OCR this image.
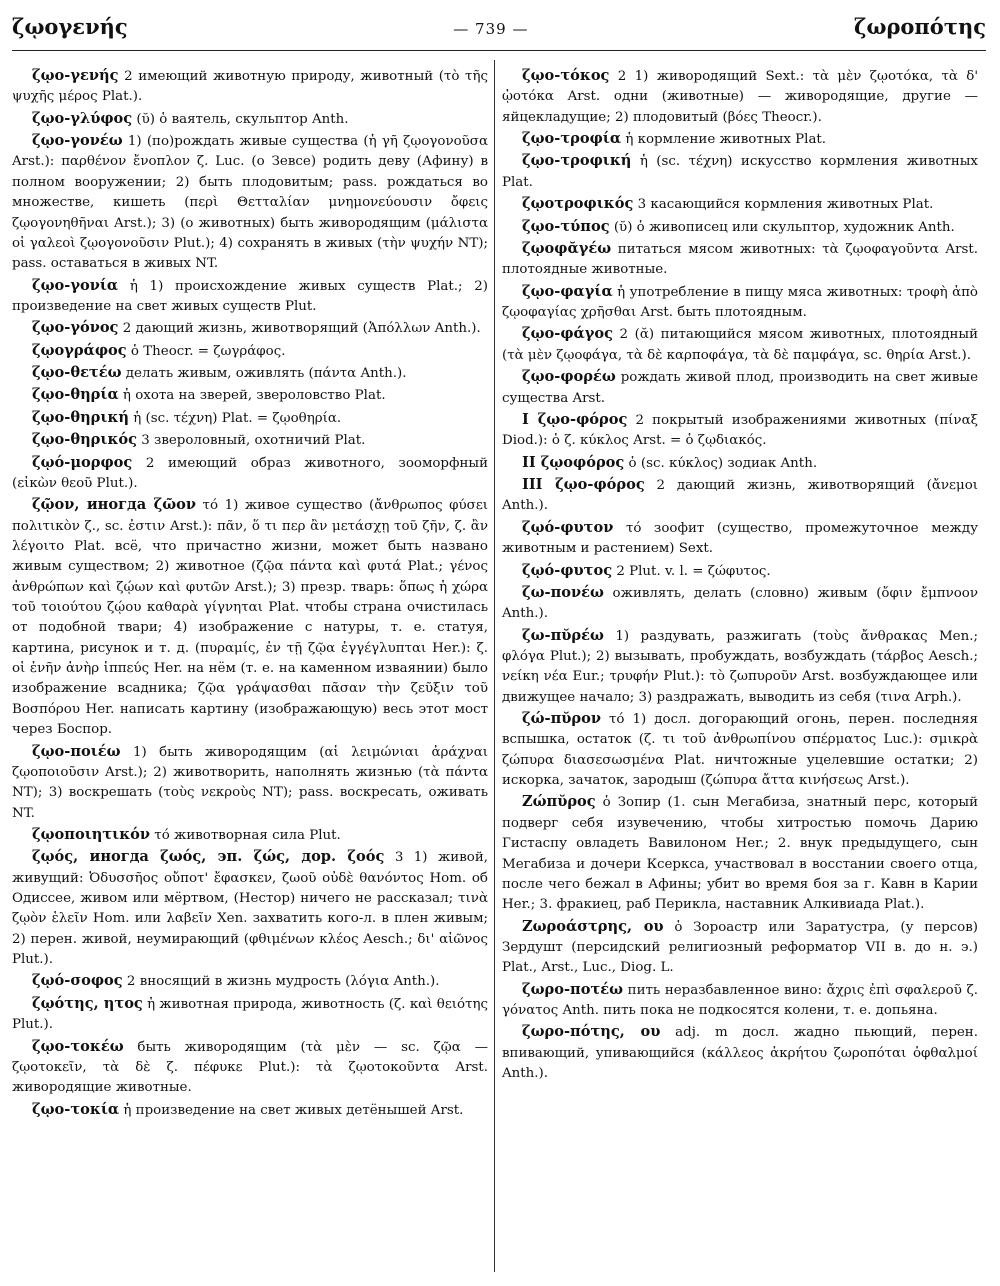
ζῳογενής	— 739 —	ζωροπότης

ζῳο-γενής 2 имеющий животную природу, животный (τὸ τῆς ψυχῆς μέρος Plat.).

ζῳο-γλύφος (ῠ) ὁ ваятель, скульптор Anth.

ζῳο-γονέω 1) (по)рождать живые существа (ἡ γῆ ζῳογονοῦσα Arst.): παρθένον ἔνοπλον ζ. Luc. (о Зевсе) родить деву (Афину) в полном вооружении; 2) быть плодовитым; pass. рождаться во множестве, кишеть (περὶ Θετταλίαν μνημονεύουσιν ὄφεις ζῳογονηθῆναι Arst.); 3) (о животных) быть живородящим (μάλιστα οἱ γαλεοὶ ζῳογονοῦσιν Plut.); 4) сохранять в живых (τὴν ψυχήν NT); pass. оставаться в живых NT.

ζῳο-γονία ἡ 1) происхождение живых существ Plat.; 2) произведение на свет живых существ Plut.

ζῳο-γόνος 2 дающий жизнь, животворящий (Ἀπόλλων Anth.).

ζῳογράφος ὁ Theocr. = ζωγράφος.

ζῳο-θετέω делать живым, оживлять (πάντα Anth.).

ζῳο-θηρία ἡ охота на зверей, звероловство Plat.

ζῳο-θηρική ἡ (sc. τέχνη) Plat. = ζῳοθηρία.

ζῳο-θηρικός 3 звероловный, охотничий Plat.

ζῳό-μορφος 2 имеющий образ животного, зооморфный (εἰκὼν θεοῦ Plut.).

ζῷον, иногда ζῶον τό 1) живое существо (ἄνθρωπος φύσει πολιτικὸν ζ., sc. ἐστιν Arst.): πᾶν, ὅ τι περ ἂν μετάσχῃ τοῦ ζῆν, ζ. ἂν λέγοιτο Plat. всё, что причастно жизни, может быть названо живым существом; 2) животное (ζῷα πάντα καὶ φυτά Plat.; γένος ἀνθρώπων καὶ ζῴων καὶ φυτῶν Arst.); 3) презр. тварь: ὅπως ἡ χώρα τοῦ τοιούτου ζῴου καθαρὰ γίγνηται Plat. чтобы страна очистилась от подобной твари; 4) изображение с натуры, т. е. статуя, картина, рисунок и т. д. (πυραμίς, ἐν τῇ ζῷα ἐγγέγλυπται Her.): ζ. οἱ ἐνῆν ἀνὴρ ἱππεύς Her. на нём (т. е. на каменном изваянии) было изображение всадника; ζῷα γράψασθαι πᾶσαν τὴν ζεῦξιν τοῦ Βοσπόρου Her. написать картину (изображающую) весь этот мост через Боспор.

ζῳο-ποιέω 1) быть живородящим (αἱ λειμώνιαι ἀράχναι ζῳοποιοῦσιν Arst.); 2) животворить, наполнять жизнью (τὰ πάντα NT); 3) воскрешать (τοὺς νεκροὺς NT); pass. воскресать, оживать NT.

ζῳοποιητικόν τό животворная сила Plut.

ζῳός, иногда ζωός, эп. ζώς, дор. ζοός 3 1) живой, живущий: Ὀδυσσῆος οὔποτ' ἔφασκεν, ζωοῦ οὐδὲ θανόντος Hom. об Одиссее, живом или мёртвом, (Нестор) ничего не рассказал; τινὰ ζῳὸν ἑλεῖν Hom. или λαβεῖν Xen. захватить кого-л. в плен живым; 2) перен. живой, неумирающий (φθιμένων κλέος Aesch.; δι' αἰῶνος Plut.).

ζῳό-σοφος 2 вносящий в жизнь мудрость (λόγια Anth.).

ζῳότης, ητος ἡ животная природа, животность (ζ. καὶ θειότης Plut.).

ζῳο-τοκέω быть живородящим (τὰ μὲν — sc. ζῷα — ζῳοτοκεῖν, τὰ δὲ ζ. πέφυκε Plut.): τὰ ζῳοτοκοῦντα Arst. живородящие животные.

ζῳο-τοκία ἡ произведение на свет живых детёнышей Arst.

ζῳο-τόκος 2 1) живородящий Sext.: τὰ μὲν ζῳοτόκα, τὰ δ' ᾠοτόκα Arst. одни (животные) — живородящие, другие — яйцекладущие; 2) плодовитый (βόες Theocr.).

ζῳο-τροφία ἡ кормление животных Plat.

ζῳο-τροφική ἡ (sc. τέχνη) искусство кормления животных Plat.

ζῳοτροφικός 3 касающийся кормления животных Plat.

ζῳο-τύπος (ῠ) ὁ живописец или скульптор, художник Anth.

ζῳοφᾰγέω питаться мясом животных: τὰ ζῳοφαγοῦντα Arst. плотоядные животные.

ζῳο-φαγία ἡ употребление в пищу мяса животных: τροφὴ ἀπὸ ζῳοφαγίας χρῆσθαι Arst. быть плотоядным.

ζῳο-φάγος 2 (ᾰ) питающийся мясом животных, плотоядный (τὰ μὲν ζῳοφάγα, τὰ δὲ καρποφάγα, τὰ δὲ παμφάγα, sc. θηρία Arst.).

ζῳο-φορέω рождать живой плод, производить на свет живые существа Arst.

I ζῳο-φόρος 2 покрытый изображениями животных (πίναξ Diod.): ὁ ζ. κύκλος Arst. = ὁ ζῳδιακός.

II ζῳοφόρος ὁ (sc. κύκλος) зодиак Anth.

III ζῳο-φόρος 2 дающий жизнь, животворящий (ἄνεμοι Anth.).

ζῳό-φυτον τό зоофит (существо, промежуточное между животным и растением) Sext.

ζῳό-φυτος 2 Plut. v. l. = ζώφυτος.

ζω-πονέω оживлять, делать (словно) живым (ὄφιν ἔμπνοον Anth.).

ζω-πῠρέω 1) раздувать, разжигать (τοὺς ἄνθρακας Men.; φλόγα Plut.); 2) вызывать, пробуждать, возбуждать (τάρβος Aesch.; νείκη νέα Eur.; τρυφήν Plut.): τὸ ζωπυροῦν Arst. возбуждающее или движущее начало; 3) раздражать, выводить из себя (τινα Arph.).

ζώ-πῠρον τό 1) досл. догорающий огонь, перен. последняя вспышка, остаток (ζ. τι τοῦ ἀνθρωπίνου σπέρματος Luc.): σμικρὰ ζώπυρα διασεσωσμένα Plat. ничтожные уцелевшие остатки; 2) искорка, зачаток, зародыш (ζώπυρα ἄττα κινήσεως Arst.).

Ζώπῠρος ὁ Зопир (1. сын Мегабиза, знатный перс, который подверг себя изувечению, чтобы хитростью помочь Дарию Гистаспу овладеть Вавилоном Her.; 2. внук предыдущего, сын Мегабиза и дочери Ксеркса, участвовал в восстании своего отца, после чего бежал в Афины; убит во время боя за г. Кавн в Карии Her.; 3. фракиец, раб Перикла, наставник Алкивиада Plat.).

Ζωροάστρης, ου ὁ Зороастр или Заратустра, (у персов) Зердушт (персидский религиозный реформатор VII в. до н. э.) Plat., Arst., Luc., Diog. L.

ζωρο-ποτέω пить неразбавленное вино: ἄχρις ἐπὶ σφαλεροῦ ζ. γόνατος Anth. пить пока не подкосятся колени, т. е. допьяна.

ζωρο-πότης, ου adj. m досл. жадно пьющий, перен. впивающий, упивающийся (κάλλεος ἀκρήτου ζωροπόται ὀφθαλμοί Anth.).
